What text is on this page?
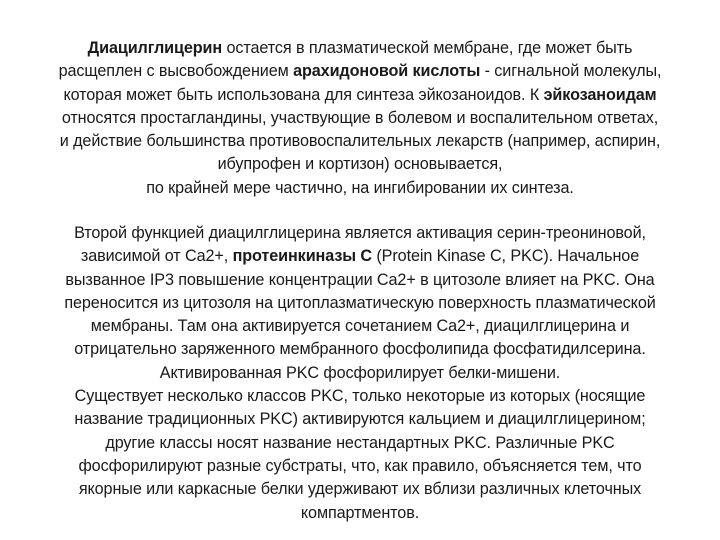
Диацилглицерин остается в плазматической мембране, где может быть
расщеплен с высвобождением арахидоновой кислоты - сигнальной молекулы,
которая может быть использована для синтеза эйкозаноидов. К эйкозаноидам
относятся простагландины, участвующие в болевом и воспалительном ответах,
и действие большинства противовоспалительных лекарств (например, аспирин,
ибупрофен и кортизон) основывается,
по крайней мере частично, на ингибировании их синтеза.

Второй функцией диацилглицерина является активация серин-треониновой,
зависимой от Ca2+, протеинкиназы С (Protein Kinase C, PKC). Начальное
вызванное IP3 повышение концентрации Ca2+ в цитозоле влияет на PKC. Она
переносится из цитозоля на цитоплазматическую поверхность плазматической
мембраны. Там она активируется сочетанием Ca2+, диацилглицерина и
отрицательно заряженного мембранного фосфолипида фосфатидилсерина.
Активированная PKC фосфорилирует белки-мишени.
Существует несколько классов PKC, только некоторые из которых (носящие
название традиционных PKC) активируются кальцием и диацилглицерином;
другие классы носят название нестандартных PKC. Различные PKC
фосфорилируют разные субстраты, что, как правило, объясняется тем, что
якорные или каркасные белки удерживают их вблизи различных клеточных
компартментов.
